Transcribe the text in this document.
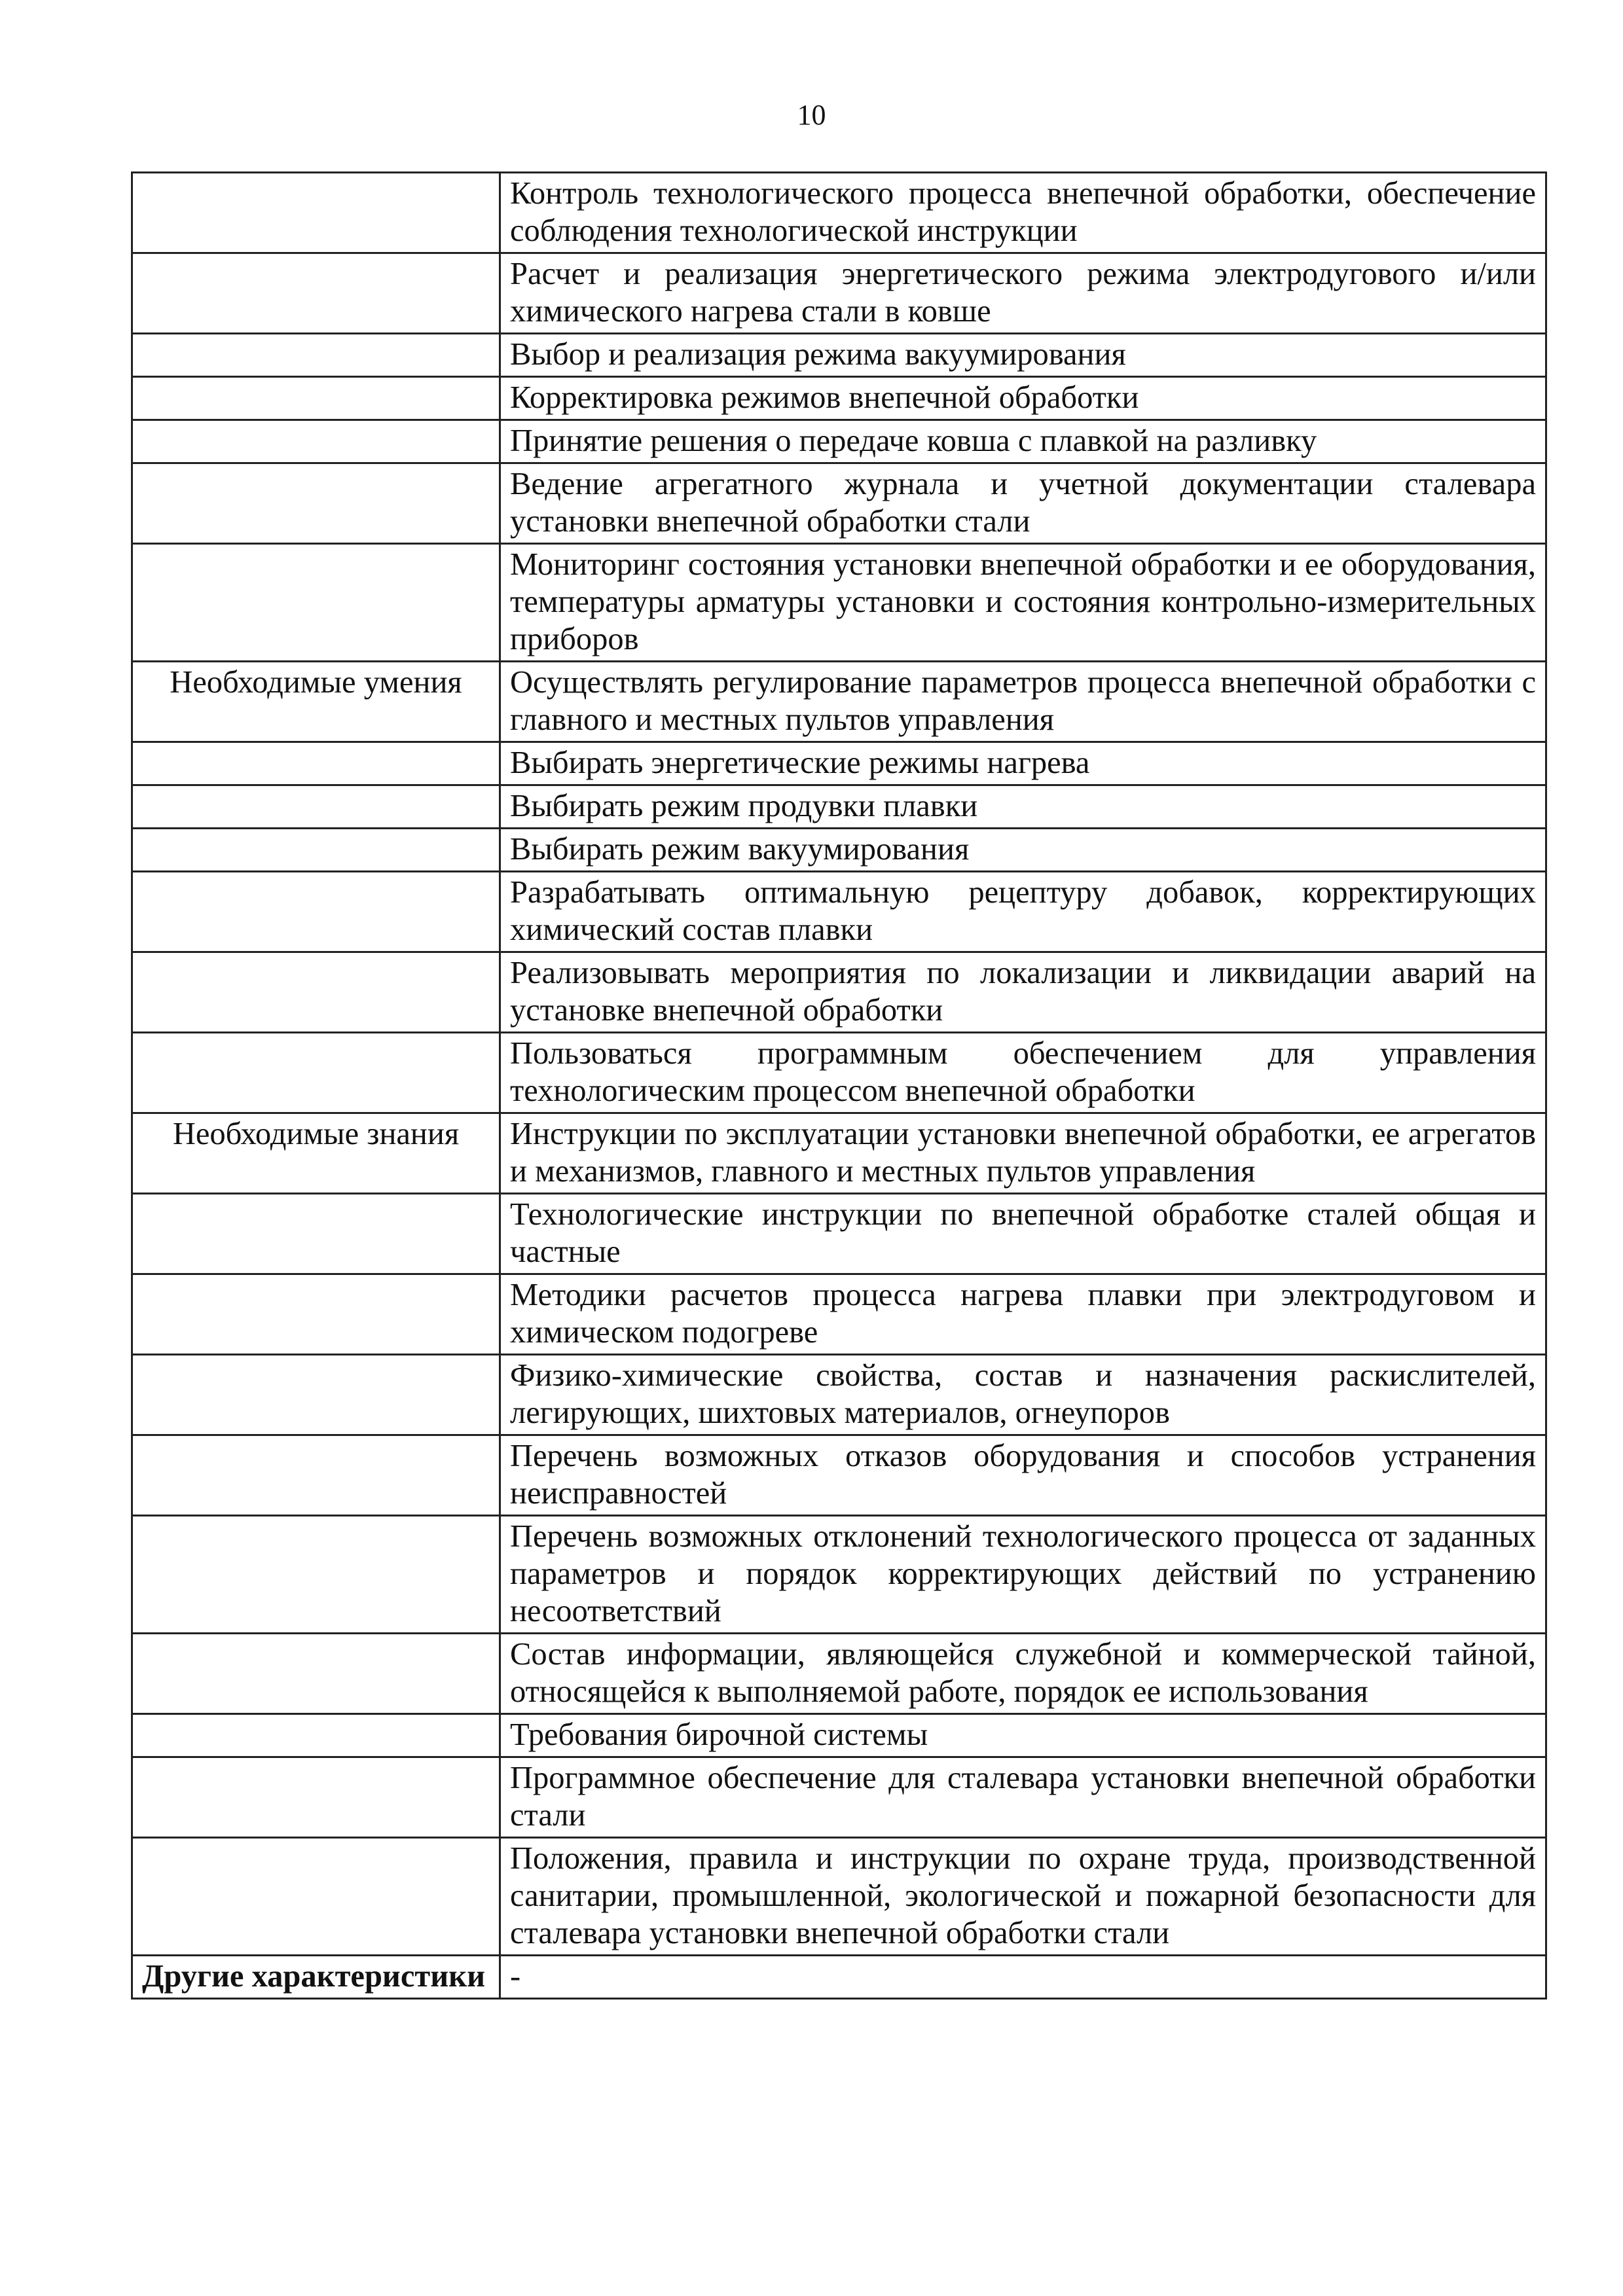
10
	Контроль технологического процесса внепечной обработки, обеспечение соблюдения технологической инструкции
	Расчет и реализация энергетического режима электродугового и/или химического нагрева стали в ковше
	Выбор и реализация режима вакуумирования
	Корректировка режимов внепечной обработки
	Принятие решения о передаче ковша с плавкой на разливку
	Ведение агрегатного журнала и учетной документации сталевара установки внепечной обработки стали
	Мониторинг состояния установки внепечной обработки и ее оборудования, температуры арматуры установки и состояния контрольно-измерительных приборов
Необходимые умения	Осуществлять регулирование параметров процесса внепечной обработки с главного и местных пультов управления
	Выбирать энергетические режимы нагрева
	Выбирать режим продувки плавки
	Выбирать режим вакуумирования
	Разрабатывать оптимальную рецептуру добавок, корректирующих химический состав плавки
	Реализовывать мероприятия по локализации и ликвидации аварий на установке внепечной обработки
	Пользоваться программным обеспечением для управления технологическим процессом внепечной обработки
Необходимые знания	Инструкции по эксплуатации установки внепечной обработки, ее агрегатов и механизмов, главного и местных пультов управления
	Технологические инструкции по внепечной обработке сталей общая и частные
	Методики расчетов процесса нагрева плавки при электродуговом и химическом подогреве
	Физико-химические свойства, состав и назначения раскислителей, легирующих, шихтовых материалов, огнеупоров
	Перечень возможных отказов оборудования и способов устранения неисправностей
	Перечень возможных отклонений технологического процесса от заданных параметров и порядок корректирующих действий по устранению несоответствий
	Состав информации, являющейся служебной и коммерческой тайной, относящейся к выполняемой работе, порядок ее использования
	Требования бирочной системы
	Программное обеспечение для сталевара установки внепечной обработки стали
	Положения, правила и инструкции по охране труда, производственной санитарии, промышленной, экологической и пожарной безопасности для сталевара установки внепечной обработки стали
Другие характеристики	-
